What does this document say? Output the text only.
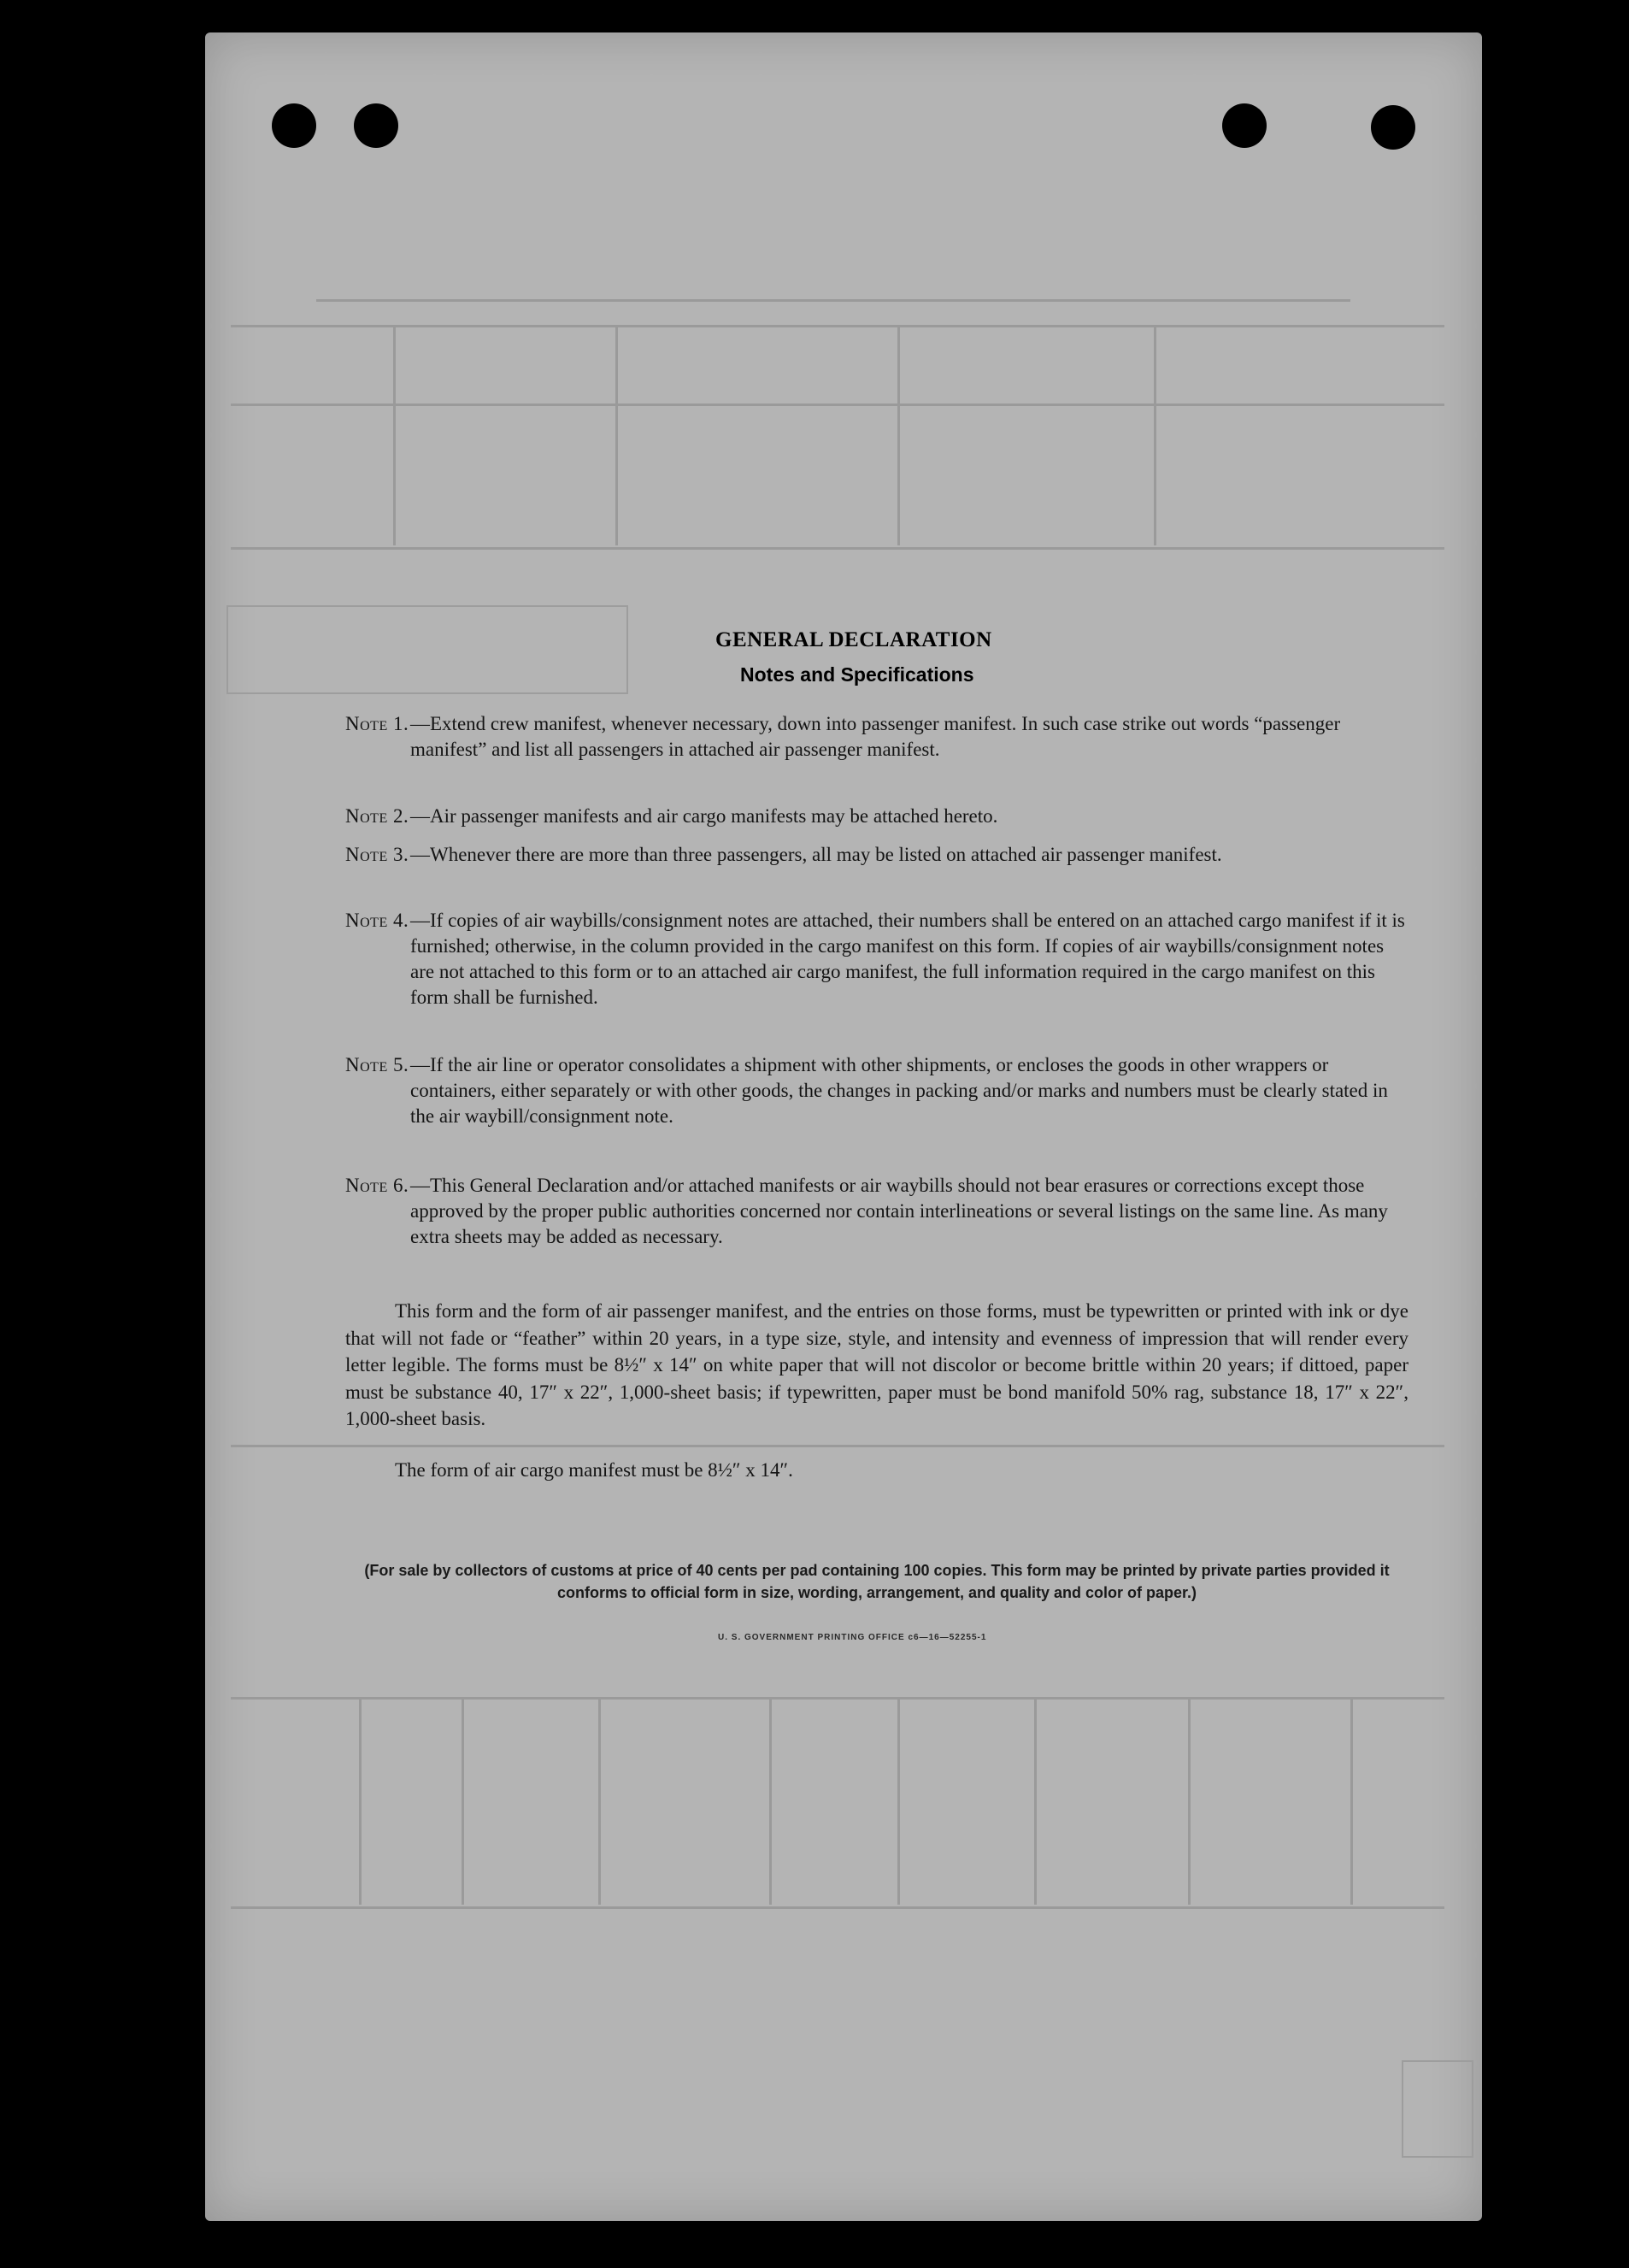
GENERAL DECLARATION
Notes and Specifications
Note 1. —Extend crew manifest, whenever necessary, down into passenger manifest. In such case strike out words “passenger manifest” and list all passengers in attached air passenger manifest.
Note 2. —Air passenger manifests and air cargo manifests may be attached hereto.
Note 3. —Whenever there are more than three passengers, all may be listed on attached air passenger manifest.
Note 4. —If copies of air waybills/consignment notes are attached, their numbers shall be entered on an attached cargo manifest if it is furnished; otherwise, in the column provided in the cargo manifest on this form. If copies of air waybills/consignment notes are not attached to this form or to an attached air cargo manifest, the full information required in the cargo manifest on this form shall be furnished.
Note 5. —If the air line or operator consolidates a shipment with other shipments, or encloses the goods in other wrappers or containers, either separately or with other goods, the changes in packing and/or marks and numbers must be clearly stated in the air waybill/consignment note.
Note 6. —This General Declaration and/or attached manifests or air waybills should not bear erasures or corrections except those approved by the proper public authorities concerned nor contain interlineations or several listings on the same line. As many extra sheets may be added as necessary.
This form and the form of air passenger manifest, and the entries on those forms, must be typewritten or printed with ink or dye that will not fade or “feather” within 20 years, in a type size, style, and intensity and evenness of impression that will render every letter legible. The forms must be 8½″ x 14″ on white paper that will not discolor or become brittle within 20 years; if dittoed, paper must be substance 40, 17″ x 22″, 1,000-sheet basis; if typewritten, paper must be bond manifold 50% rag, substance 18, 17″ x 22″, 1,000-sheet basis.
The form of air cargo manifest must be 8½″ x 14″.
(For sale by collectors of customs at price of 40 cents per pad containing 100 copies. This form may be printed by private parties provided it conforms to official form in size, wording, arrangement, and quality and color of paper.)
U. S. GOVERNMENT PRINTING OFFICE c6—16—52255-1
▸
